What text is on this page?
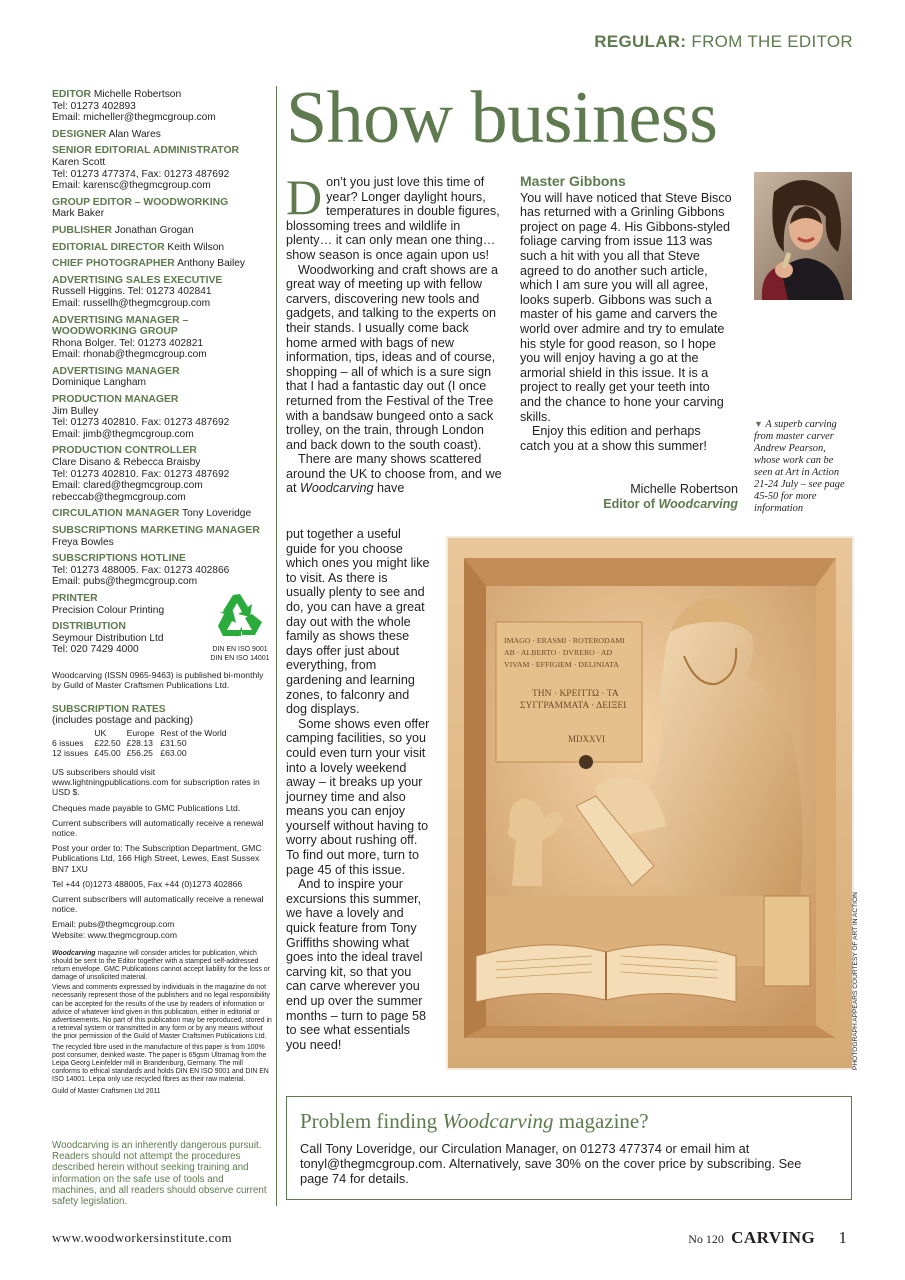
REGULAR: FROM THE EDITOR
EDITOR Michelle Robertson
Tel: 01273 402893
Email: micheller@thegmcgroup.com
DESIGNER Alan Wares
SENIOR EDITORIAL ADMINISTRATOR
Karen Scott
Tel: 01273 477374, Fax: 01273 487692
Email: karensc@thegmcgroup.com
GROUP EDITOR – WOODWORKING
Mark Baker
PUBLISHER Jonathan Grogan
EDITORIAL DIRECTOR Keith Wilson
CHIEF PHOTOGRAPHER Anthony Bailey
ADVERTISING SALES EXECUTIVE
Russell Higgins. Tel: 01273 402841
Email: russellh@thegmcgroup.com
ADVERTISING MANAGER – WOODWORKING GROUP
Rhona Bolger. Tel: 01273 402821
Email: rhonab@thegmcgroup.com
ADVERTISING MANAGER
Dominique Langham
PRODUCTION MANAGER
Jim Bulley
Tel: 01273 402810. Fax: 01273 487692
Email: jimb@thegmcgroup.com
PRODUCTION CONTROLLER
Clare Disano & Rebecca Braisby
Tel: 01273 402810. Fax: 01273 487692
Email: clared@thegmcgroup.com
rebeccab@thegmcgroup.com
CIRCULATION MANAGER Tony Loveridge
SUBSCRIPTIONS MARKETING MANAGER
Freya Bowles
SUBSCRIPTIONS HOTLINE
Tel: 01273 488005. Fax: 01273 402866
Email: pubs@thegmcgroup.com
PRINTER
Precision Colour Printing
DISTRIBUTION
Seymour Distribution Ltd
Tel: 020 7429 4000	DIN EN ISO 9001
DIN EN ISO 14001
Woodcarving (ISSN 0965-9463) is published bi-monthly by Guild of Master Craftsmen Publications Ltd.
SUBSCRIPTION RATES
(includes postage and packing)
	UK	Europe	Rest of the World
6 issues	£22.50	£28.13	£31.50
12 issues	£45.00	£56.25	£63.00
US subscribers should visit www.lightningpublications.com for subscription rates in USD $.
Cheques made payable to GMC Publications Ltd.
Current subscribers will automatically receive a renewal notice.
Post your order to: The Subscription Department, GMC Publications Ltd, 166 High Street, Lewes, East Sussex BN7 1XU
Tel +44 (0)1273 488005, Fax +44 (0)1273 402866
Current subscribers will automatically receive a renewal notice.
Email: pubs@thegmcgroup.com
Website: www.thegmcgroup.com
Woodcarving magazine will consider articles for publication, which should be sent to the Editor together with a stamped self-addressed return envelope. GMC Publications cannot accept liability for the loss or damage of unsolicited material.
Views and comments expressed by individuals in the magazine do not necessarily represent those of the publishers and no legal responsibility can be accepted for the results of the use by readers of information or advice of whatever kind given in this publication, either in editorial or advertisements. No part of this publication may be reproduced, stored in a retrieval system or transmitted in any form or by any means without the prior permission of the Guild of Master Craftsmen Publications Ltd.
The recycled fibre used in the manufacture of this paper is from 100% post consumer, deinked waste. The paper is 65gsm Ultramag from the Leipa Georg Leinfelder mill in Brandenburg, Germany. The mill conforms to ethical standards and holds DIN EN ISO 9001 and DIN EN ISO 14001. Leipa only use recycled fibres as their raw material.
Guild of Master Craftsmen Ltd 2011
Woodcarving is an inherently dangerous pursuit. Readers should not attempt the procedures described herein without seeking training and information on the safe use of tools and machines, and all readers should observe current safety legislation.
Show business

Don’t you just love this time of year? Longer daylight hours, temperatures in double figures, blossoming trees and wildlife in plenty… it can only mean one thing… show season is once again upon us!

Woodworking and craft shows are a great way of meeting up with fellow carvers, discovering new tools and gadgets, and talking to the experts on their stands. I usually come back home armed with bags of new information, tips, ideas and of course, shopping – all of which is a sure sign that I had a fantastic day out (I once returned from the Festival of the Tree with a bandsaw bungeed onto a sack trolley, on the train, through London and back down to the south coast).

There are many shows scattered around the UK to choose from, and we at Woodcarving have

put together a useful guide for you choose which ones you might like to visit. As there is usually plenty to see and do, you can have a great day out with the whole family as shows these days offer just about everything, from gardening and learning zones, to falconry and dog displays.

Some shows even offer camping facilities, so you could even turn your visit into a lovely weekend away – it breaks up your journey time and also means you can enjoy yourself without having to worry about rushing off. To find out more, turn to page 45 of this issue.

And to inspire your excursions this summer, we have a lovely and quick feature from Tony Griffiths showing what goes into the ideal travel carving kit, so that you can carve wherever you end up over the summer months – turn to page 58 to see what essentials you need!

Master Gibbons

You will have noticed that Steve Bisco has returned with a Grinling Gibbons project on page 4. His Gibbons-styled foliage carving from issue 113 was such a hit with you all that Steve agreed to do another such article, which I am sure you will all agree, looks superb. Gibbons was such a master of his game and carvers the world over admire and try to emulate his style for good reason, so I hope you will enjoy having a go at the armorial shield in this issue. It is a project to really get your teeth into and the chance to hone your carving skills.

Enjoy this edition and perhaps catch you at a show this summer!

Michelle Robertson
Editor of Woodcarving
▼ A superb carving from master carver Andrew Pearson, whose work can be seen at Art in Action 21-24 July – see page 45-50 for more information
IMAGO · ERASMI · ROTERODAMI
AB · ALBERTO · DVRERO · AD
VIVAM · EFFIGIEM · DELINIATA
ΤΗΝ · ΚΡΕΙΤΤΩ · ΤΑ
ΣΥΓΓΡΑΜΜΑΤΑ · ΔΕΙΞΕΙ
MDXXVI
PHOTOGRAPH APPEARS COURTESY OF ART IN ACTION
Problem finding Woodcarving magazine?
Call Tony Loveridge, our Circulation Manager, on 01273 477374 or email him at tonyl@thegmcgroup.com. Alternatively, save 30% on the cover price by subscribing. See page 74 for details.
www.woodworkersinstitute.com	No 120 CARVING 1
